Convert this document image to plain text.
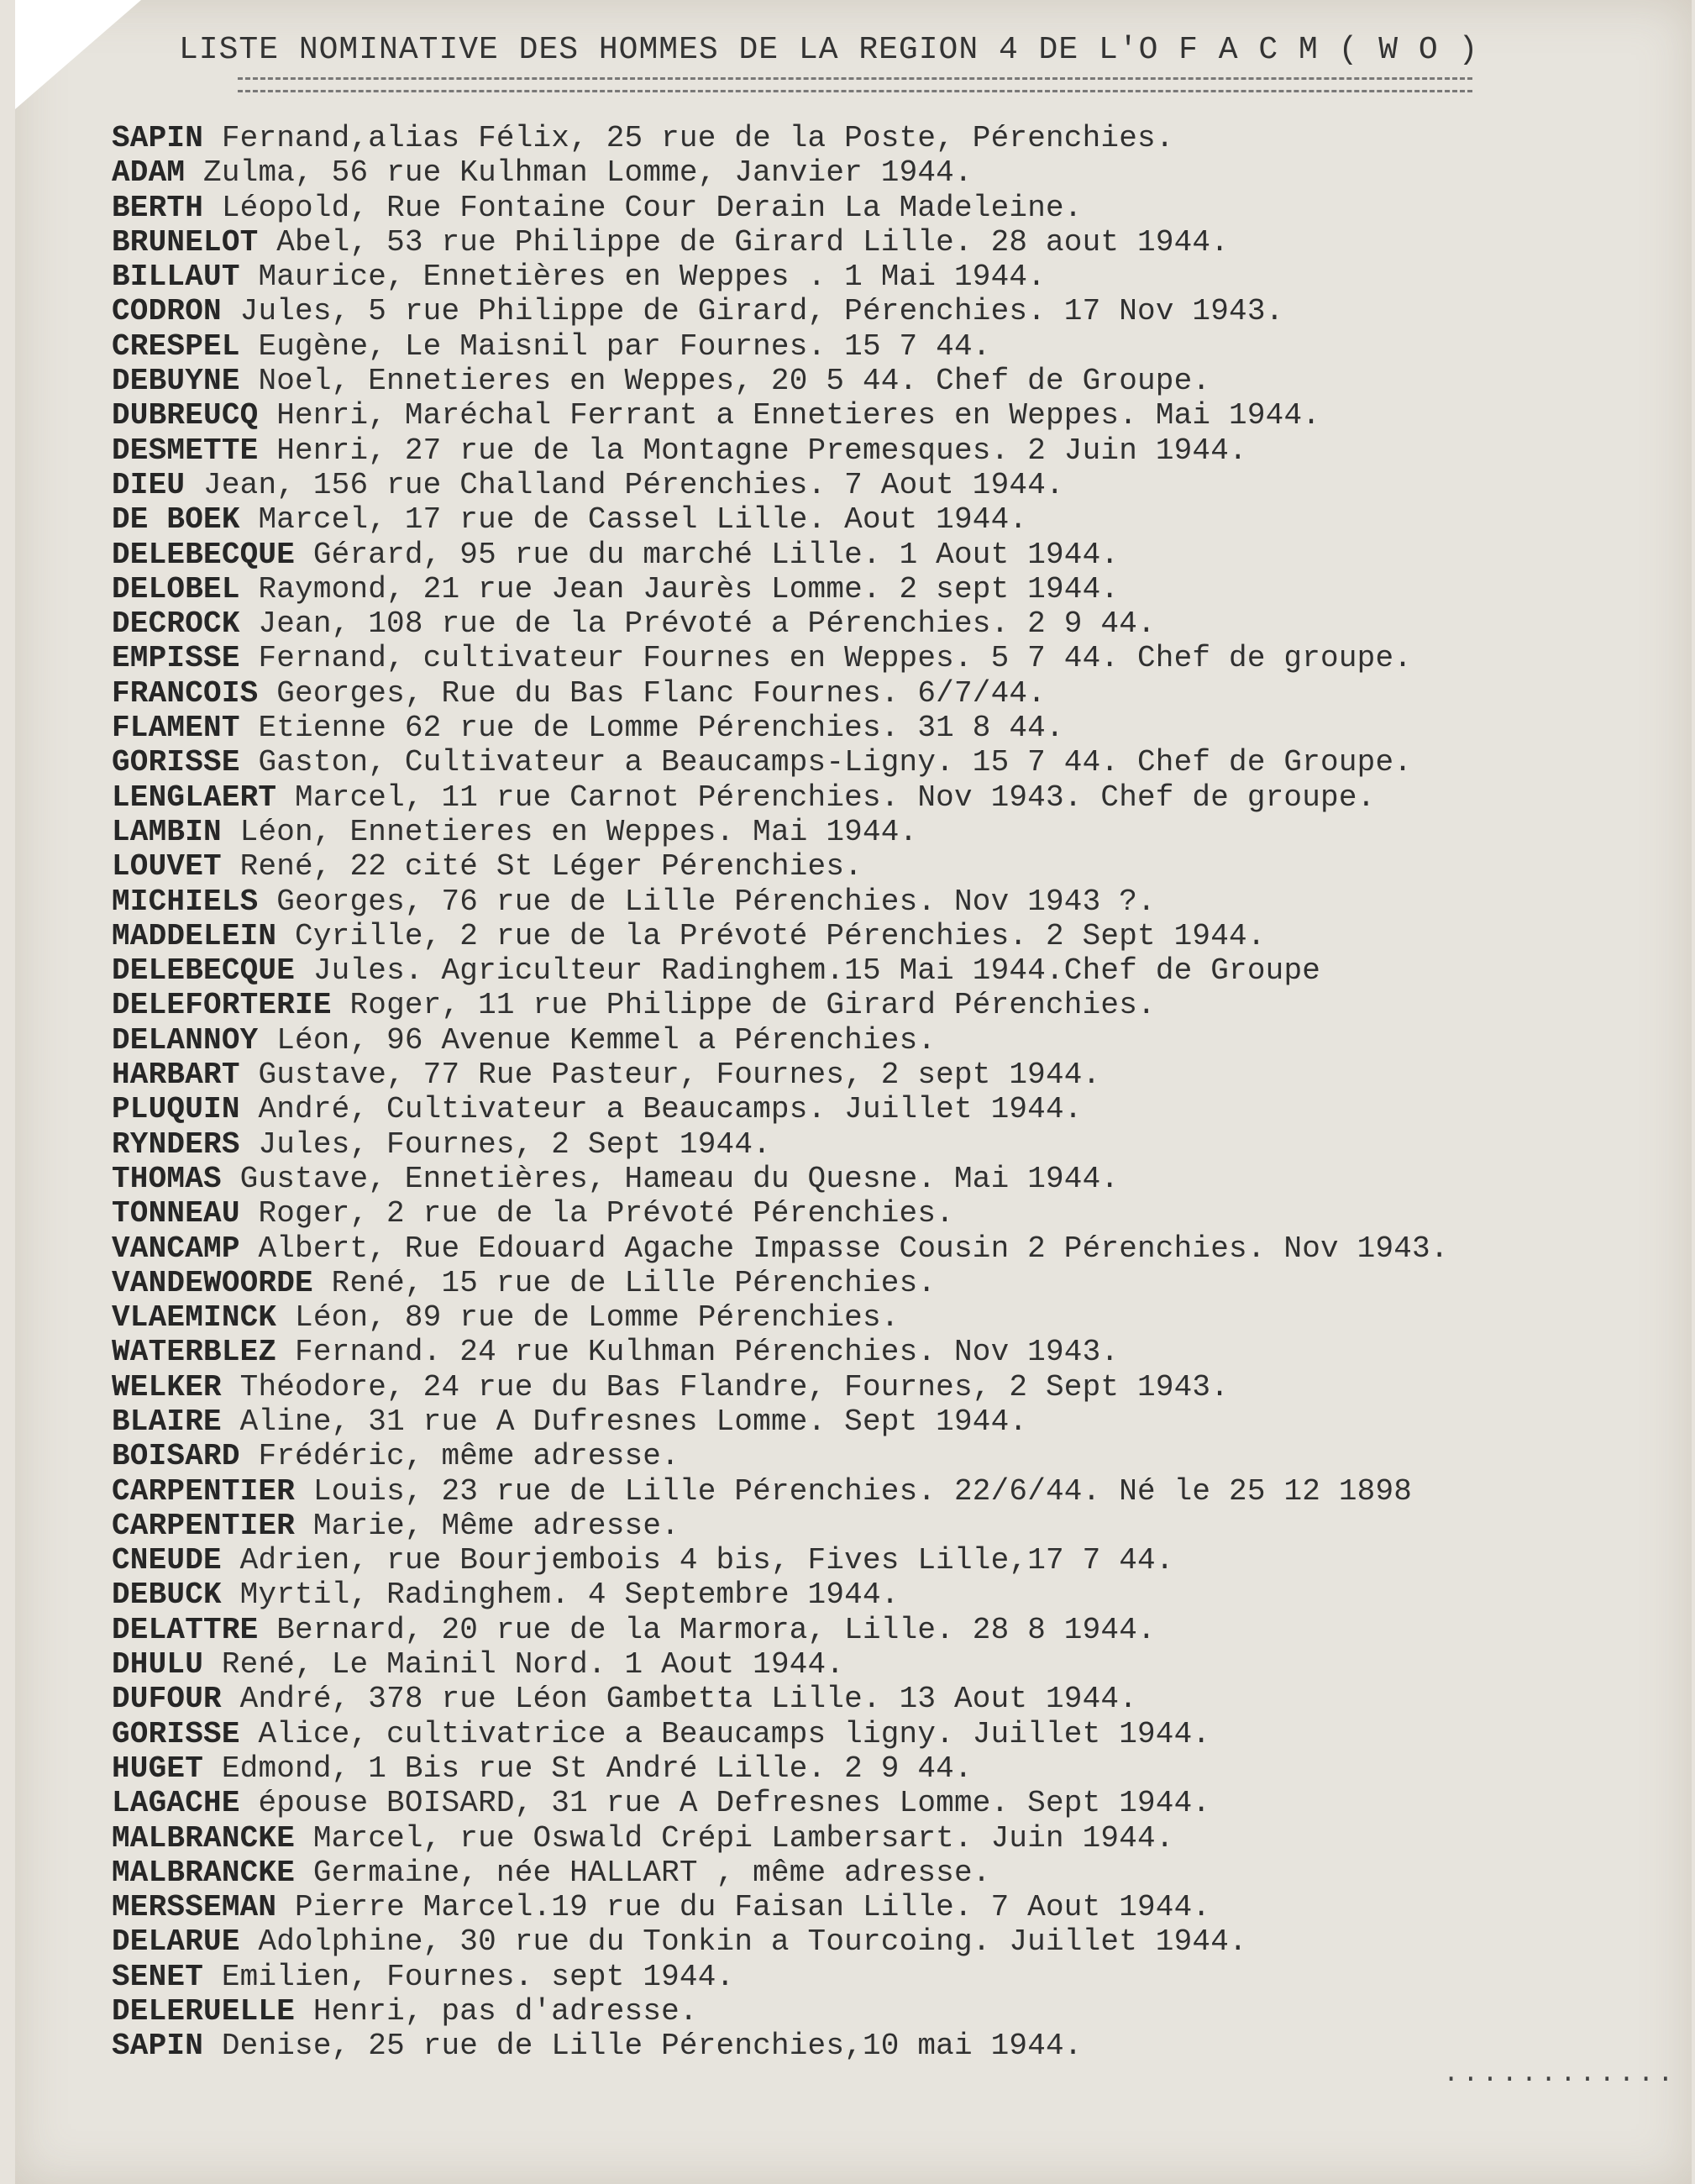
LISTE NOMINATIVE DES HOMMES DE LA REGION 4 DE L'O F A C M ( W O )
SAPIN Fernand,alias Félix, 25 rue de la Poste, Pérenchies.
ADAM Zulma, 56 rue Kulhman Lomme, Janvier 1944.
BERTH Léopold, Rue Fontaine Cour Derain La Madeleine.
BRUNELOT Abel, 53 rue Philippe de Girard Lille. 28 aout 1944.
BILLAUT Maurice, Ennetières en Weppes . 1 Mai 1944.
CODRON Jules, 5 rue Philippe de Girard, Pérenchies. 17 Nov 1943.
CRESPEL Eugène, Le Maisnil par Fournes. 15 7 44.
DEBUYNE Noel, Ennetieres en Weppes, 20 5 44. Chef de Groupe.
DUBREUCQ Henri, Maréchal Ferrant a Ennetieres en Weppes. Mai 1944.
DESMETTE Henri, 27 rue de la Montagne Premesques. 2 Juin 1944.
DIEU Jean, 156 rue Challand Pérenchies. 7 Aout 1944.
DE BOEK Marcel, 17 rue de Cassel Lille. Aout 1944.
DELEBECQUE Gérard, 95 rue du marché Lille. 1 Aout 1944.
DELOBEL Raymond, 21 rue Jean Jaurès Lomme. 2 sept 1944.
DECROCK Jean, 108 rue de la Prévoté a Pérenchies. 2 9 44.
EMPISSE Fernand, cultivateur Fournes en Weppes. 5 7 44. Chef de groupe.
FRANCOIS Georges, Rue du Bas Flanc Fournes. 6/7/44.
FLAMENT Etienne 62 rue de Lomme Pérenchies. 31 8 44.
GORISSE Gaston, Cultivateur a Beaucamps-Ligny. 15 7 44. Chef de Groupe.
LENGLAERT Marcel, 11 rue Carnot Pérenchies. Nov 1943. Chef de groupe.
LAMBIN Léon, Ennetieres en Weppes. Mai 1944.
LOUVET René, 22 cité St Léger Pérenchies.
MICHIELS Georges, 76 rue de Lille Pérenchies. Nov 1943 ?.
MADDELEIN Cyrille, 2 rue de la Prévoté Pérenchies. 2 Sept 1944.
DELEBECQUE Jules. Agriculteur Radinghem.15 Mai 1944.Chef de Groupe
DELEFORTERIE Roger, 11 rue Philippe de Girard Pérenchies.
DELANNOY Léon, 96 Avenue Kemmel a Pérenchies.
HARBART Gustave, 77 Rue Pasteur, Fournes, 2 sept 1944.
PLUQUIN André, Cultivateur a Beaucamps. Juillet 1944.
RYNDERS Jules, Fournes, 2 Sept 1944.
THOMAS Gustave, Ennetières, Hameau du Quesne. Mai 1944.
TONNEAU Roger, 2 rue de la Prévoté Pérenchies.
VANCAMP Albert, Rue Edouard Agache Impasse Cousin 2 Pérenchies. Nov 1943.
VANDEWOORDE René, 15 rue de Lille Pérenchies.
VLAEMINCK Léon, 89 rue de Lomme Pérenchies.
WATERBLEZ Fernand. 24 rue Kulhman Pérenchies. Nov 1943.
WELKER Théodore, 24 rue du Bas Flandre, Fournes, 2 Sept 1943.
BLAIRE Aline, 31 rue A Dufresnes Lomme. Sept 1944.
BOISARD Frédéric, même adresse.
CARPENTIER Louis, 23 rue de Lille Pérenchies. 22/6/44. Né le 25 12 1898
CARPENTIER Marie, Même adresse.
CNEUDE Adrien, rue Bourjembois 4 bis, Fives Lille,17 7 44.
DEBUCK Myrtil, Radinghem. 4 Septembre 1944.
DELATTRE Bernard, 20 rue de la Marmora, Lille. 28 8 1944.
DHULU René, Le Mainil Nord. 1 Aout 1944.
DUFOUR André, 378 rue Léon Gambetta Lille. 13 Aout 1944.
GORISSE Alice, cultivatrice a Beaucamps ligny. Juillet 1944.
HUGET Edmond, 1 Bis rue St André Lille. 2 9 44.
LAGACHE épouse BOISARD, 31 rue A Defresnes Lomme. Sept 1944.
MALBRANCKE Marcel, rue Oswald Crépi Lambersart. Juin 1944.
MALBRANCKE Germaine, née HALLART , même adresse.
MERSSEMAN Pierre Marcel.19 rue du Faisan Lille. 7 Aout 1944.
DELARUE Adolphine, 30 rue du Tonkin a Tourcoing. Juillet 1944.
SENET Emilien, Fournes. sept 1944.
DELERUELLE Henri, pas d'adresse.
SAPIN Denise, 25 rue de Lille Pérenchies,10 mai 1944.
............
